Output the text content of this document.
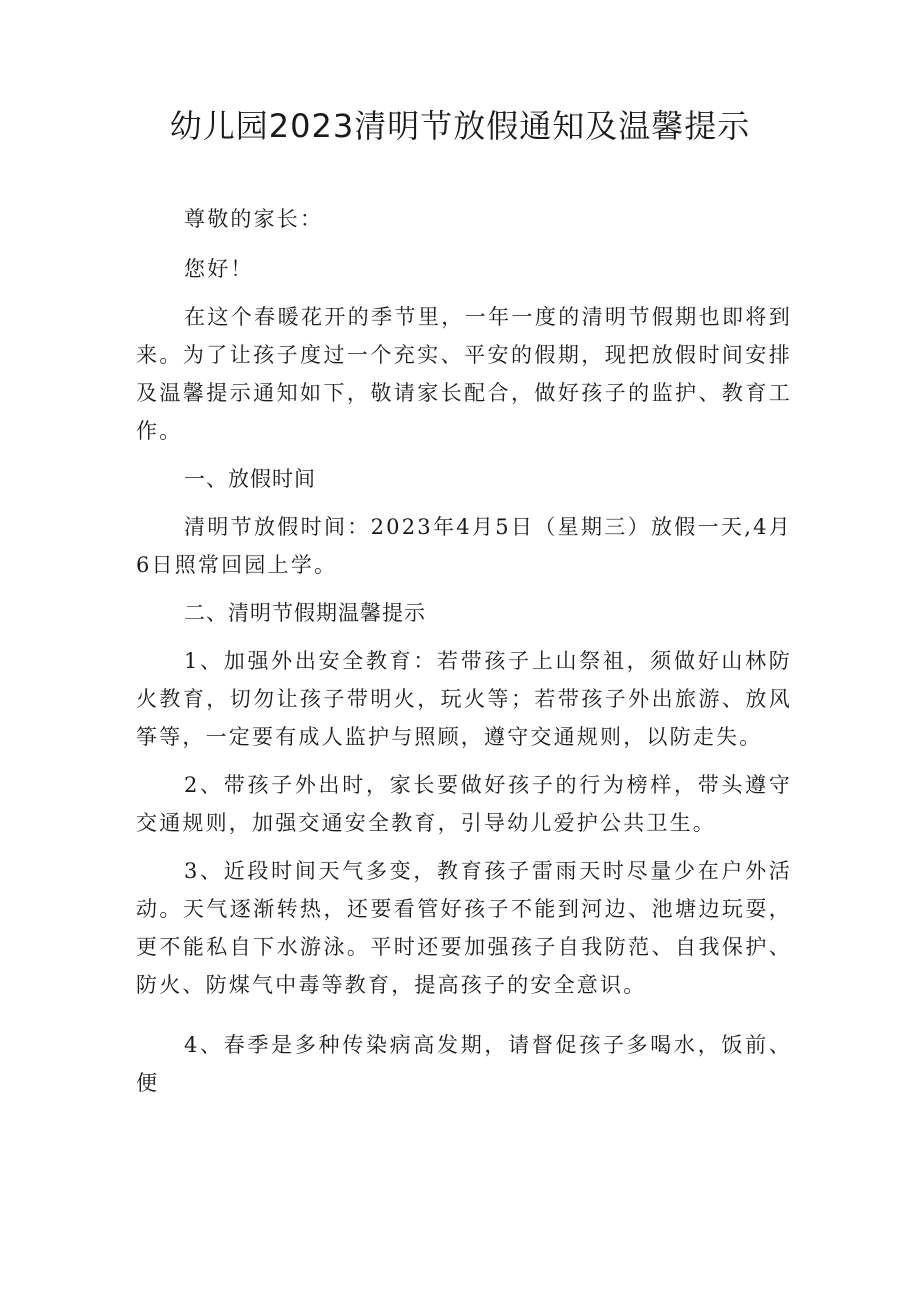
幼儿园2023清明节放假通知及温馨提示

尊敬的家长：

您好！

在这个春暖花开的季节里，一年一度的清明节假期也即将到来。为了让孩子度过一个充实、平安的假期，现把放假时间安排及温馨提示通知如下，敬请家长配合，做好孩子的监护、教育工作。

一、放假时间

清明节放假时间：2023年4月5日（星期三）放假一天,4月6日照常回园上学。

二、清明节假期温馨提示

1、加强外出安全教育：若带孩子上山祭祖，须做好山林防火教育，切勿让孩子带明火，玩火等；若带孩子外出旅游、放风筝等，一定要有成人监护与照顾，遵守交通规则，以防走失。

2、带孩子外出时，家长要做好孩子的行为榜样，带头遵守交通规则，加强交通安全教育，引导幼儿爱护公共卫生。

3、近段时间天气多变，教育孩子雷雨天时尽量少在户外活动。天气逐渐转热，还要看管好孩子不能到河边、池塘边玩耍，更不能私自下水游泳。平时还要加强孩子自我防范、自我保护、防火、防煤气中毒等教育，提高孩子的安全意识。

4、春季是多种传染病高发期，请督促孩子多喝水，饭前、便
